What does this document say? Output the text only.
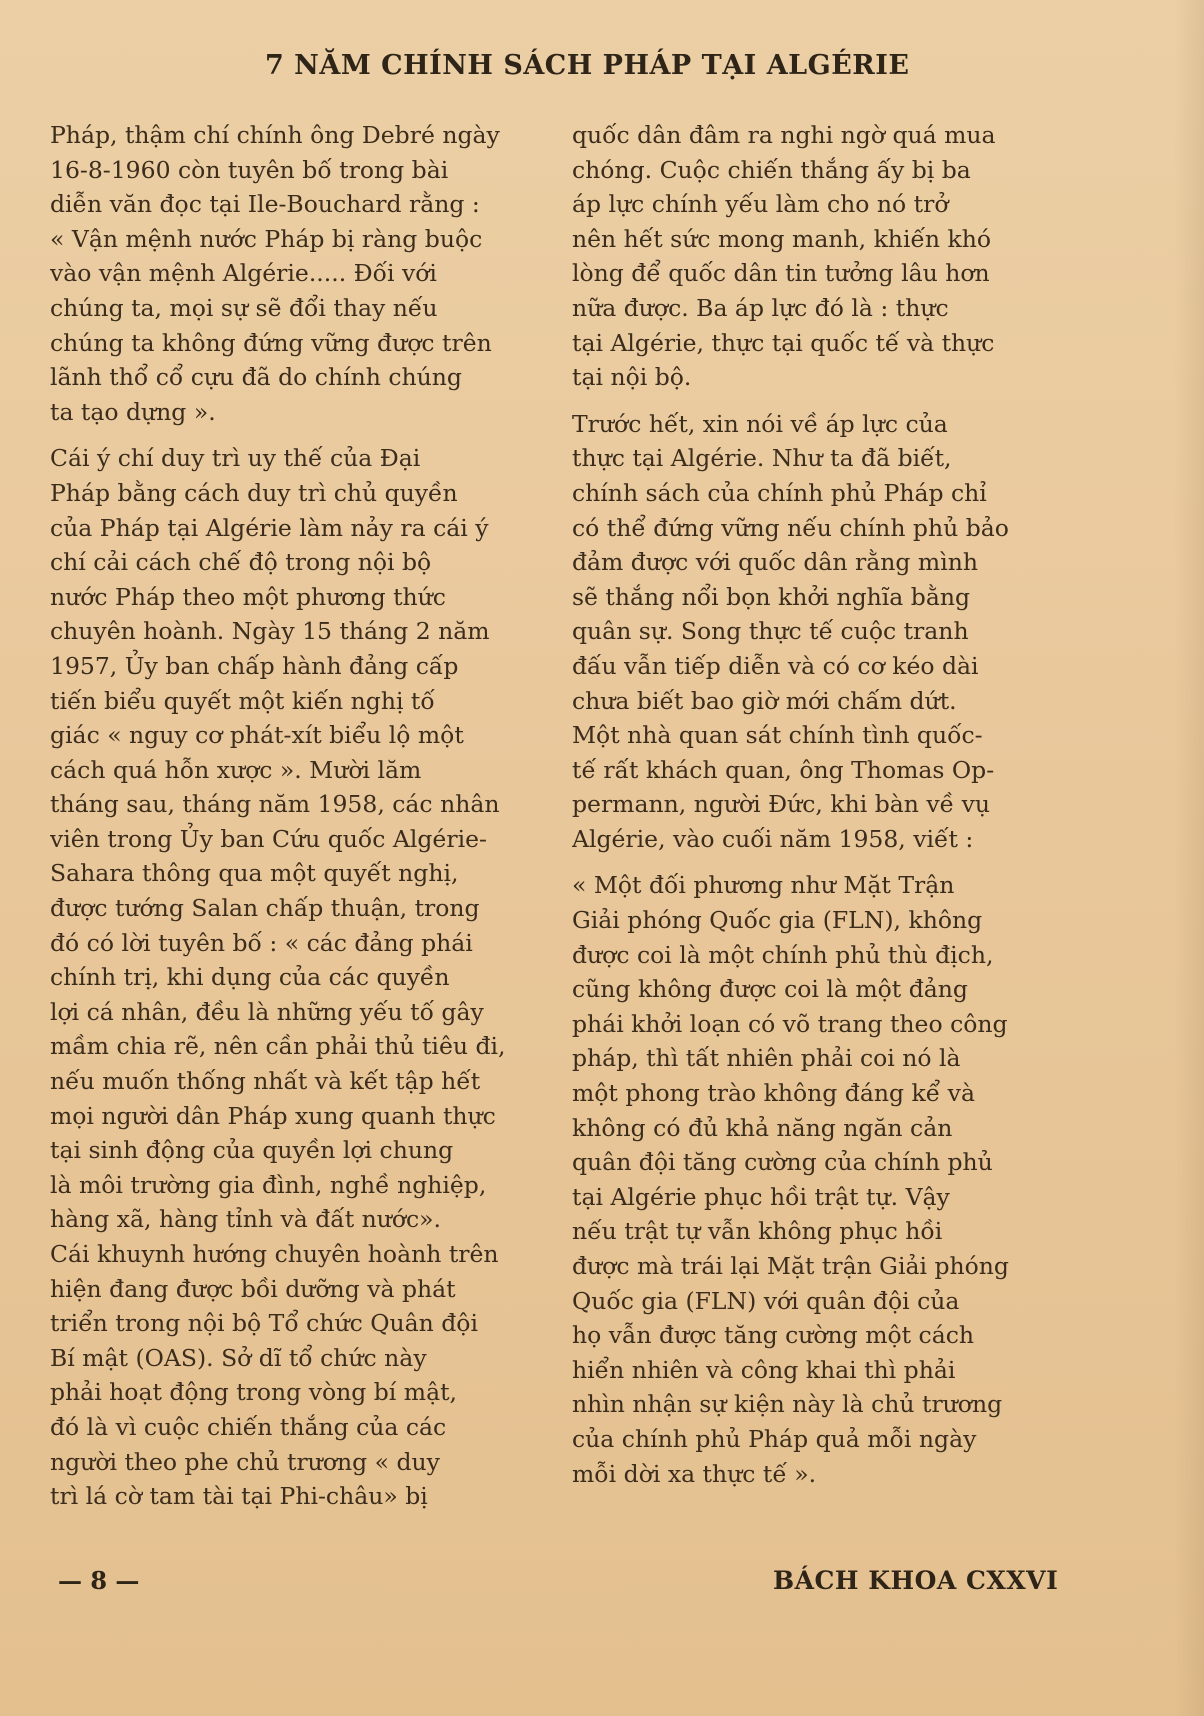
7 NĂM CHÍNH SÁCH PHÁP TẠI ALGÉRIE
Pháp, thậm chí chính ông Debré ngày
16-8-1960 còn tuyên bố trong bài
diễn văn đọc tại Ile-Bouchard rằng :
« Vận mệnh nước Pháp bị ràng buộc
vào vận mệnh Algérie..... Đối với
chúng ta, mọi sự sẽ đổi thay nếu
chúng ta không đứng vững được trên
lãnh thổ cổ cựu đã do chính chúng
ta tạo dựng ».
Cái ý chí duy trì uy thế của Đại
Pháp bằng cách duy trì chủ quyền
của Pháp tại Algérie làm nảy ra cái ý
chí cải cách chế độ trong nội bộ
nước Pháp theo một phương thức
chuyên hoành. Ngày 15 tháng 2 năm
1957, Ủy ban chấp hành đảng cấp
tiến biểu quyết một kiến nghị tố
giác « nguy cơ phát-xít biểu lộ một
cách quá hỗn xược ». Mười lăm
tháng sau, tháng năm 1958, các nhân
viên trong Ủy ban Cứu quốc Algérie-
Sahara thông qua một quyết nghị,
được tướng Salan chấp thuận, trong
đó có lời tuyên bố : « các đảng phái
chính trị, khi dụng của các quyền
lợi cá nhân, đều là những yếu tố gây
mầm chia rẽ, nên cần phải thủ tiêu đi,
nếu muốn thống nhất và kết tập hết
mọi người dân Pháp xung quanh thực
tại sinh động của quyền lợi chung
là môi trường gia đình, nghề nghiệp,
hàng xã, hàng tỉnh và đất nước».
Cái khuynh hướng chuyên hoành trên
hiện đang được bồi dưỡng và phát
triển trong nội bộ Tổ chức Quân đội
Bí mật (OAS). Sở dĩ tổ chức này
phải hoạt động trong vòng bí mật,
đó là vì cuộc chiến thắng của các
người theo phe chủ trương « duy
trì lá cờ tam tài tại Phi-châu» bị
quốc dân đâm ra nghi ngờ quá mua
chóng. Cuộc chiến thắng ấy bị ba
áp lực chính yếu làm cho nó trở
nên hết sức mong manh, khiến khó
lòng để quốc dân tin tưởng lâu hơn
nữa được. Ba áp lực đó là : thực
tại Algérie, thực tại quốc tế và thực
tại nội bộ.
Trước hết, xin nói về áp lực của
thực tại Algérie. Như ta đã biết,
chính sách của chính phủ Pháp chỉ
có thể đứng vững nếu chính phủ bảo
đảm được với quốc dân rằng mình
sẽ thắng nổi bọn khởi nghĩa bằng
quân sự. Song thực tế cuộc tranh
đấu vẫn tiếp diễn và có cơ kéo dài
chưa biết bao giờ mới chấm dứt.
Một nhà quan sát chính tình quốc-
tế rất khách quan, ông Thomas Op-
permann, người Đức, khi bàn về vụ
Algérie, vào cuối năm 1958, viết :
« Một đối phương như Mặt Trận
Giải phóng Quốc gia (FLN), không
được coi là một chính phủ thù địch,
cũng không được coi là một đảng
phái khởi loạn có võ trang theo công
pháp, thì tất nhiên phải coi nó là
một phong trào không đáng kể và
không có đủ khả năng ngăn cản
quân đội tăng cường của chính phủ
tại Algérie phục hồi trật tự. Vậy
nếu trật tự vẫn không phục hồi
được mà trái lại Mặt trận Giải phóng
Quốc gia (FLN) với quân đội của
họ vẫn được tăng cường một cách
hiển nhiên và công khai thì phải
nhìn nhận sự kiện này là chủ trương
của chính phủ Pháp quả mỗi ngày
mỗi dời xa thực tế ».
— 8 —	BÁCH KHOA CXXVI
